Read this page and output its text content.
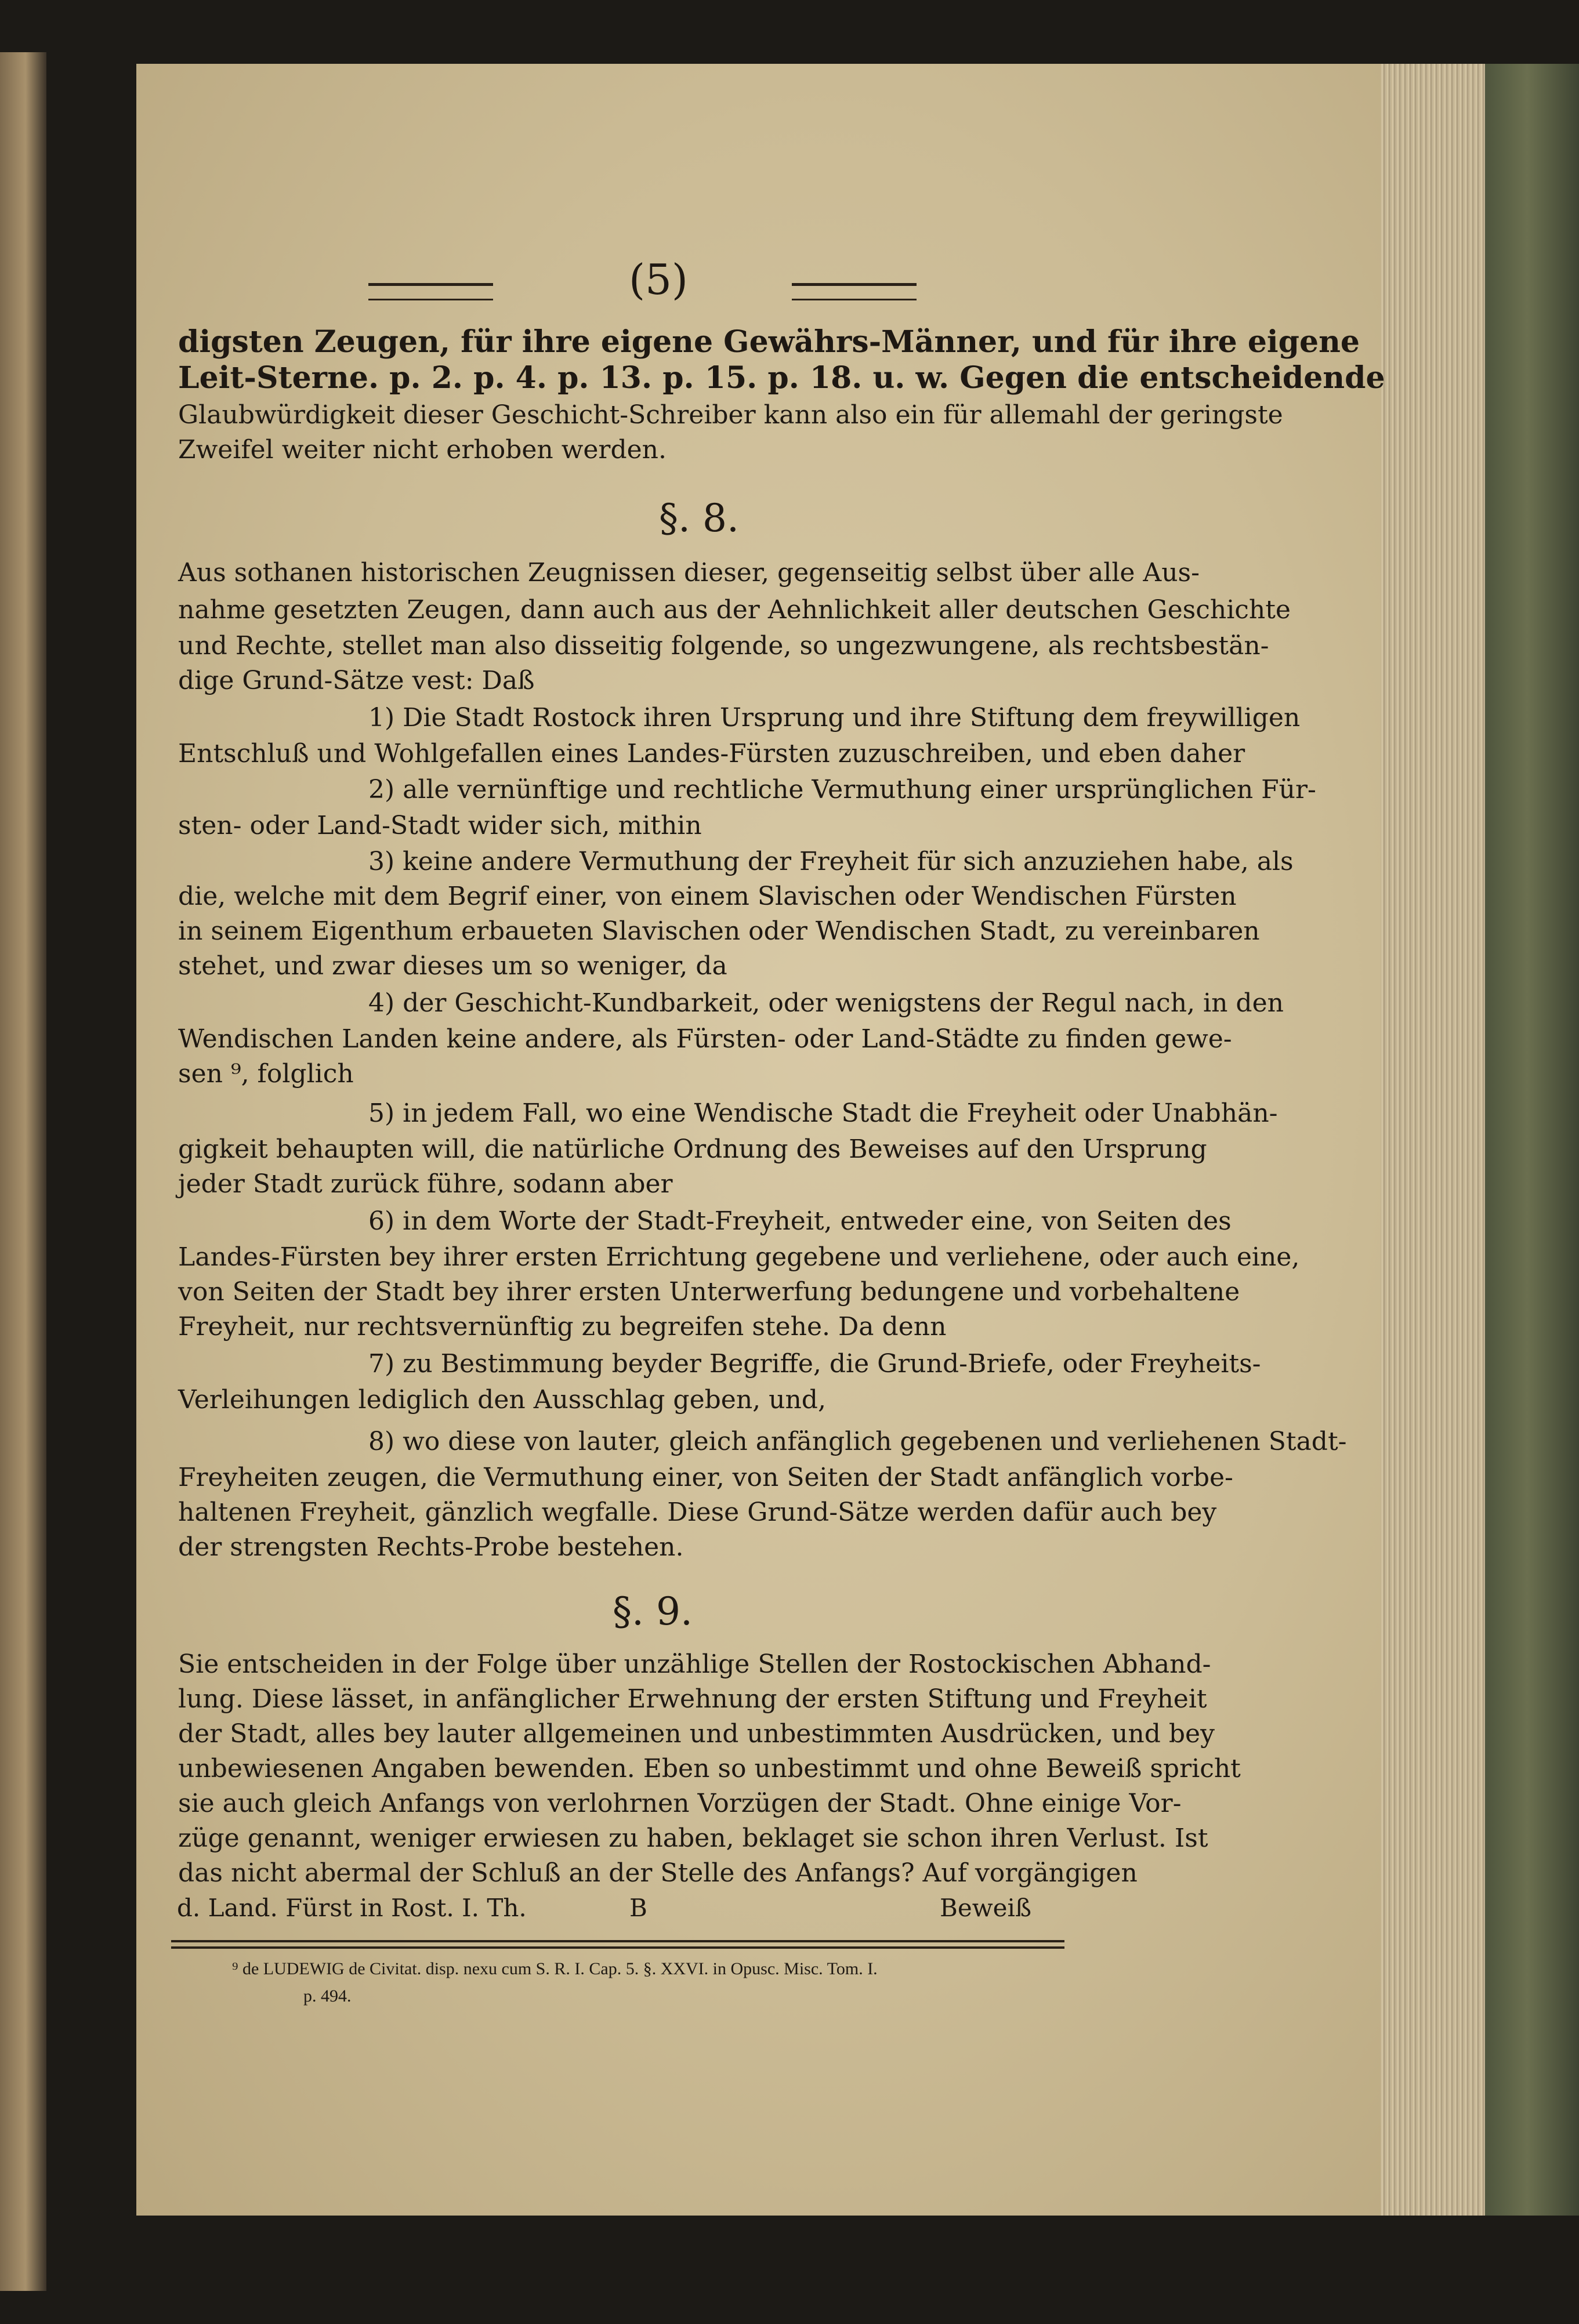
(5)
digsten Zeugen, für ihre eigene Gewährs-Männer, und für ihre eigene
Leit-Sterne. p. 2. p. 4. p. 13. p. 15. p. 18. u. w. Gegen die entscheidende
Glaubwürdigkeit dieser Geschicht-Schreiber kann also ein für allemahl der geringste
Zweifel weiter nicht erhoben werden.
§. 8.
Aus sothanen historischen Zeugnissen dieser, gegenseitig selbst über alle Aus-
nahme gesetzten Zeugen, dann auch aus der Aehnlichkeit aller deutschen Geschichte
und Rechte, stellet man also disseitig folgende, so ungezwungene, als rechtsbestän-
dige Grund-Sätze vest: Daß
1) Die Stadt Rostock ihren Ursprung und ihre Stiftung dem freywilligen
Entschluß und Wohlgefallen eines Landes-Fürsten zuzuschreiben, und eben daher
2) alle vernünftige und rechtliche Vermuthung einer ursprünglichen Für-
sten- oder Land-Stadt wider sich, mithin
3) keine andere Vermuthung der Freyheit für sich anzuziehen habe, als
die, welche mit dem Begrif einer, von einem Slavischen oder Wendischen Fürsten
in seinem Eigenthum erbaueten Slavischen oder Wendischen Stadt, zu vereinbaren
stehet, und zwar dieses um so weniger, da
4) der Geschicht-Kundbarkeit, oder wenigstens der Regul nach, in den
Wendischen Landen keine andere, als Fürsten- oder Land-Städte zu finden gewe-
sen ⁹, folglich
5) in jedem Fall, wo eine Wendische Stadt die Freyheit oder Unabhän-
gigkeit behaupten will, die natürliche Ordnung des Beweises auf den Ursprung
jeder Stadt zurück führe, sodann aber
6) in dem Worte der Stadt-Freyheit, entweder eine, von Seiten des
Landes-Fürsten bey ihrer ersten Errichtung gegebene und verliehene, oder auch eine,
von Seiten der Stadt bey ihrer ersten Unterwerfung bedungene und vorbehaltene
Freyheit, nur rechtsvernünftig zu begreifen stehe. Da denn
7) zu Bestimmung beyder Begriffe, die Grund-Briefe, oder Freyheits-
Verleihungen lediglich den Ausschlag geben, und,
8) wo diese von lauter, gleich anfänglich gegebenen und verliehenen Stadt-
Freyheiten zeugen, die Vermuthung einer, von Seiten der Stadt anfänglich vorbe-
haltenen Freyheit, gänzlich wegfalle. Diese Grund-Sätze werden dafür auch bey
der strengsten Rechts-Probe bestehen.
§. 9.
Sie entscheiden in der Folge über unzählige Stellen der Rostockischen Abhand-
lung. Diese lässet, in anfänglicher Erwehnung der ersten Stiftung und Freyheit
der Stadt, alles bey lauter allgemeinen und unbestimmten Ausdrücken, und bey
unbewiesenen Angaben bewenden. Eben so unbestimmt und ohne Beweiß spricht
sie auch gleich Anfangs von verlohrnen Vorzügen der Stadt. Ohne einige Vor-
züge genannt, weniger erwiesen zu haben, beklaget sie schon ihren Verlust. Ist
das nicht abermal der Schluß an der Stelle des Anfangs? Auf vorgängigen
d. Land. Fürst in Rost. I. Th.	B	Beweiß
⁹ de LUDEWIG de Civitat. disp. nexu cum S. R. I. Cap. 5. §. XXVI. in Opusc. Misc. Tom. I.
p. 494.
